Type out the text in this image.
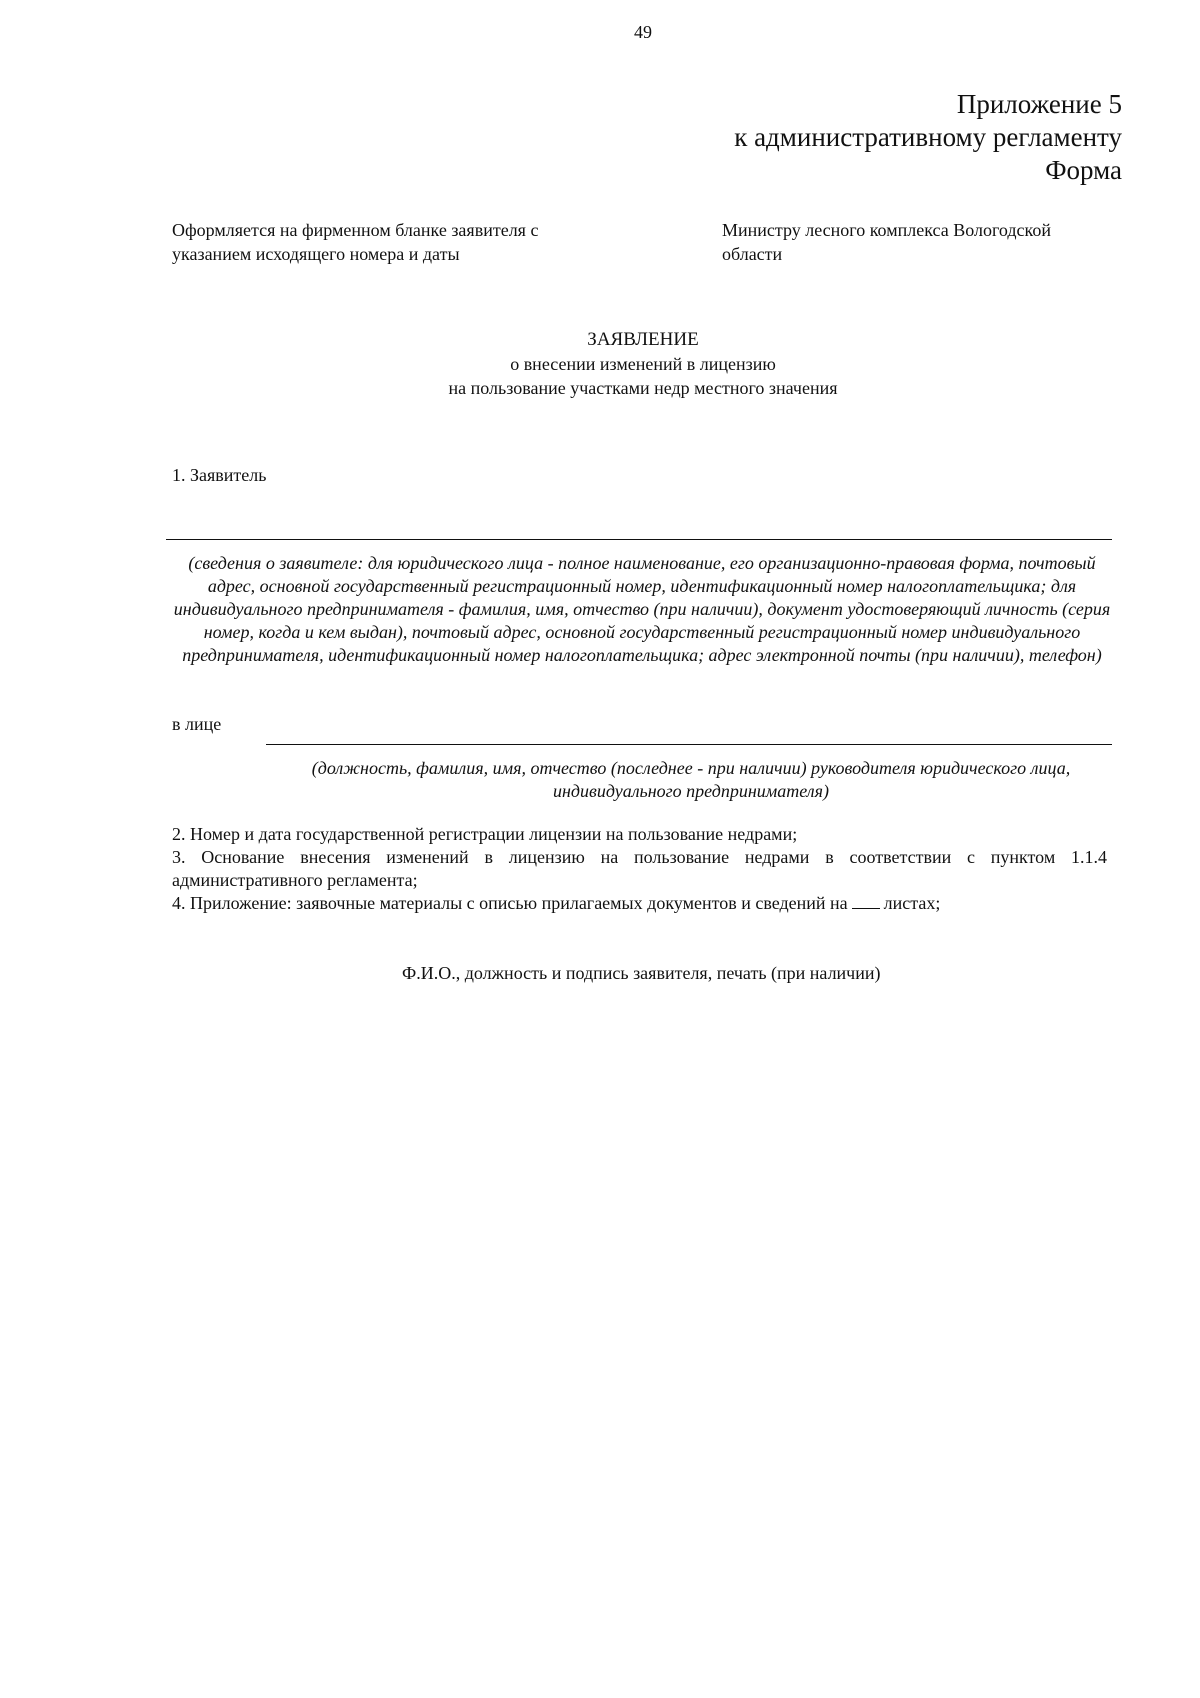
49
Приложение 5
к административному регламенту
Форма
Оформляется на фирменном бланке заявителя с указанием исходящего номера и даты
Министру лесного комплекса Вологодской области
ЗАЯВЛЕНИЕ
о внесении изменений в лицензию
на пользование участками недр местного значения
1. Заявитель
(сведения о заявителе: для юридического лица - полное наименование, его организационно-правовая форма, почтовый адрес, основной государственный регистрационный номер, идентификационный номер налогоплательщика; для индивидуального предпринимателя - фамилия, имя, отчество (при наличии), документ удостоверяющий личность (серия номер, когда и кем выдан), почтовый адрес, основной государственный регистрационный номер индивидуального предпринимателя, идентификационный номер налогоплательщика; адрес электронной почты (при наличии), телефон)
в лице
(должность, фамилия, имя, отчество (последнее - при наличии) руководителя юридического лица, индивидуального предпринимателя)
2. Номер и дата государственной регистрации лицензии на пользование недрами;
3. Основание внесения изменений в лицензию на пользование недрами в соответствии с пунктом 1.1.4 административного регламента;
4. Приложение: заявочные материалы с описью прилагаемых документов и сведений на листах;
Ф.И.О., должность и подпись заявителя, печать (при наличии)
